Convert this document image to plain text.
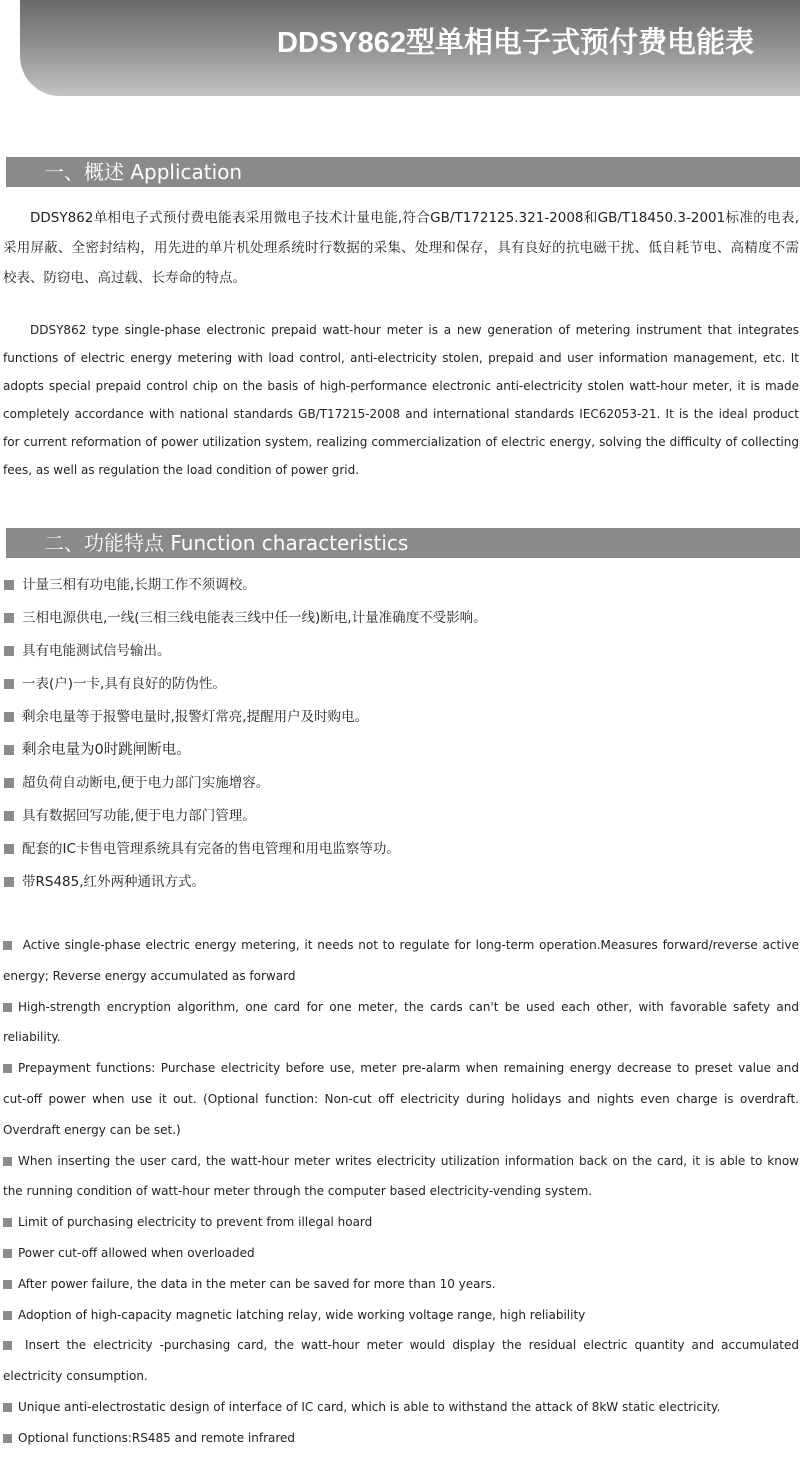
DDSY862型单相电子式预付费电能表
一、概述 Application

DDSY862单相电子式预付费电能表采用微电子技术计量电能,符合GB/T172125.321-2008和GB/T18450.3-2001标准的电表,采用屏蔽、全密封结构，用先进的单片机处理系统时行数据的采集、处理和保存，具有良好的抗电磁干扰、低自耗节电、高精度不需校表、防窃电、高过载、长寿命的特点。

DDSY862 type single-phase electronic prepaid watt-hour meter is a new generation of metering instrument that integrates functions of electric energy metering with load control, anti-electricity stolen, prepaid and user information management, etc. It adopts special prepaid control chip on the basis of high-performance electronic anti-electricity stolen watt-hour meter, it is made completely accordance with national standards GB/T17215-2008 and international standards IEC62053-21. It is the ideal product for current reformation of power utilization system, realizing commercialization of electric energy, solving the difficulty of collecting fees, as well as regulation the load condition of power grid.

二、功能特点 Function characteristics
计量三相有功电能,长期工作不须调校。
三相电源供电,一线(三相三线电能表三线中任一线)断电,计量准确度不受影响。
具有电能测试信号输出。
一表(户)一卡,具有良好的防伪性。
剩余电量等于报警电量时,报警灯常亮,提醒用户及时购电。
剩余电量为0时跳闸断电。
超负荷自动断电,便于电力部门实施增容。
具有数据回写功能,便于电力部门管理。
配套的IC卡售电管理系统具有完备的售电管理和用电监察等功。
带RS485,红外两种通讯方式。
Active single-phase electric energy metering, it needs not to regulate for long-term operation.Measures forward/reverse active energy; Reverse energy accumulated as forward
High-strength encryption algorithm, one card for one meter, the cards can't be used each other, with favorable safety and reliability.
Prepayment functions: Purchase electricity before use, meter pre-alarm when remaining energy decrease to preset value and cut-off power when use it out. (Optional function: Non-cut off electricity during holidays and nights even charge is overdraft. Overdraft energy can be set.)
When inserting the user card, the watt-hour meter writes electricity utilization information back on the card, it is able to know the running condition of watt-hour meter through the computer based electricity-vending system.
Limit of purchasing electricity to prevent from illegal hoard
Power cut-off allowed when overloaded
After power failure, the data in the meter can be saved for more than 10 years.
Adoption of high-capacity magnetic latching relay, wide working voltage range, high reliability
Insert the electricity -purchasing card, the watt-hour meter would display the residual electric quantity and accumulated electricity consumption.
Unique anti-electrostatic design of interface of IC card, which is able to withstand the attack of 8kW static electricity.
Optional functions:RS485 and remote infrared
